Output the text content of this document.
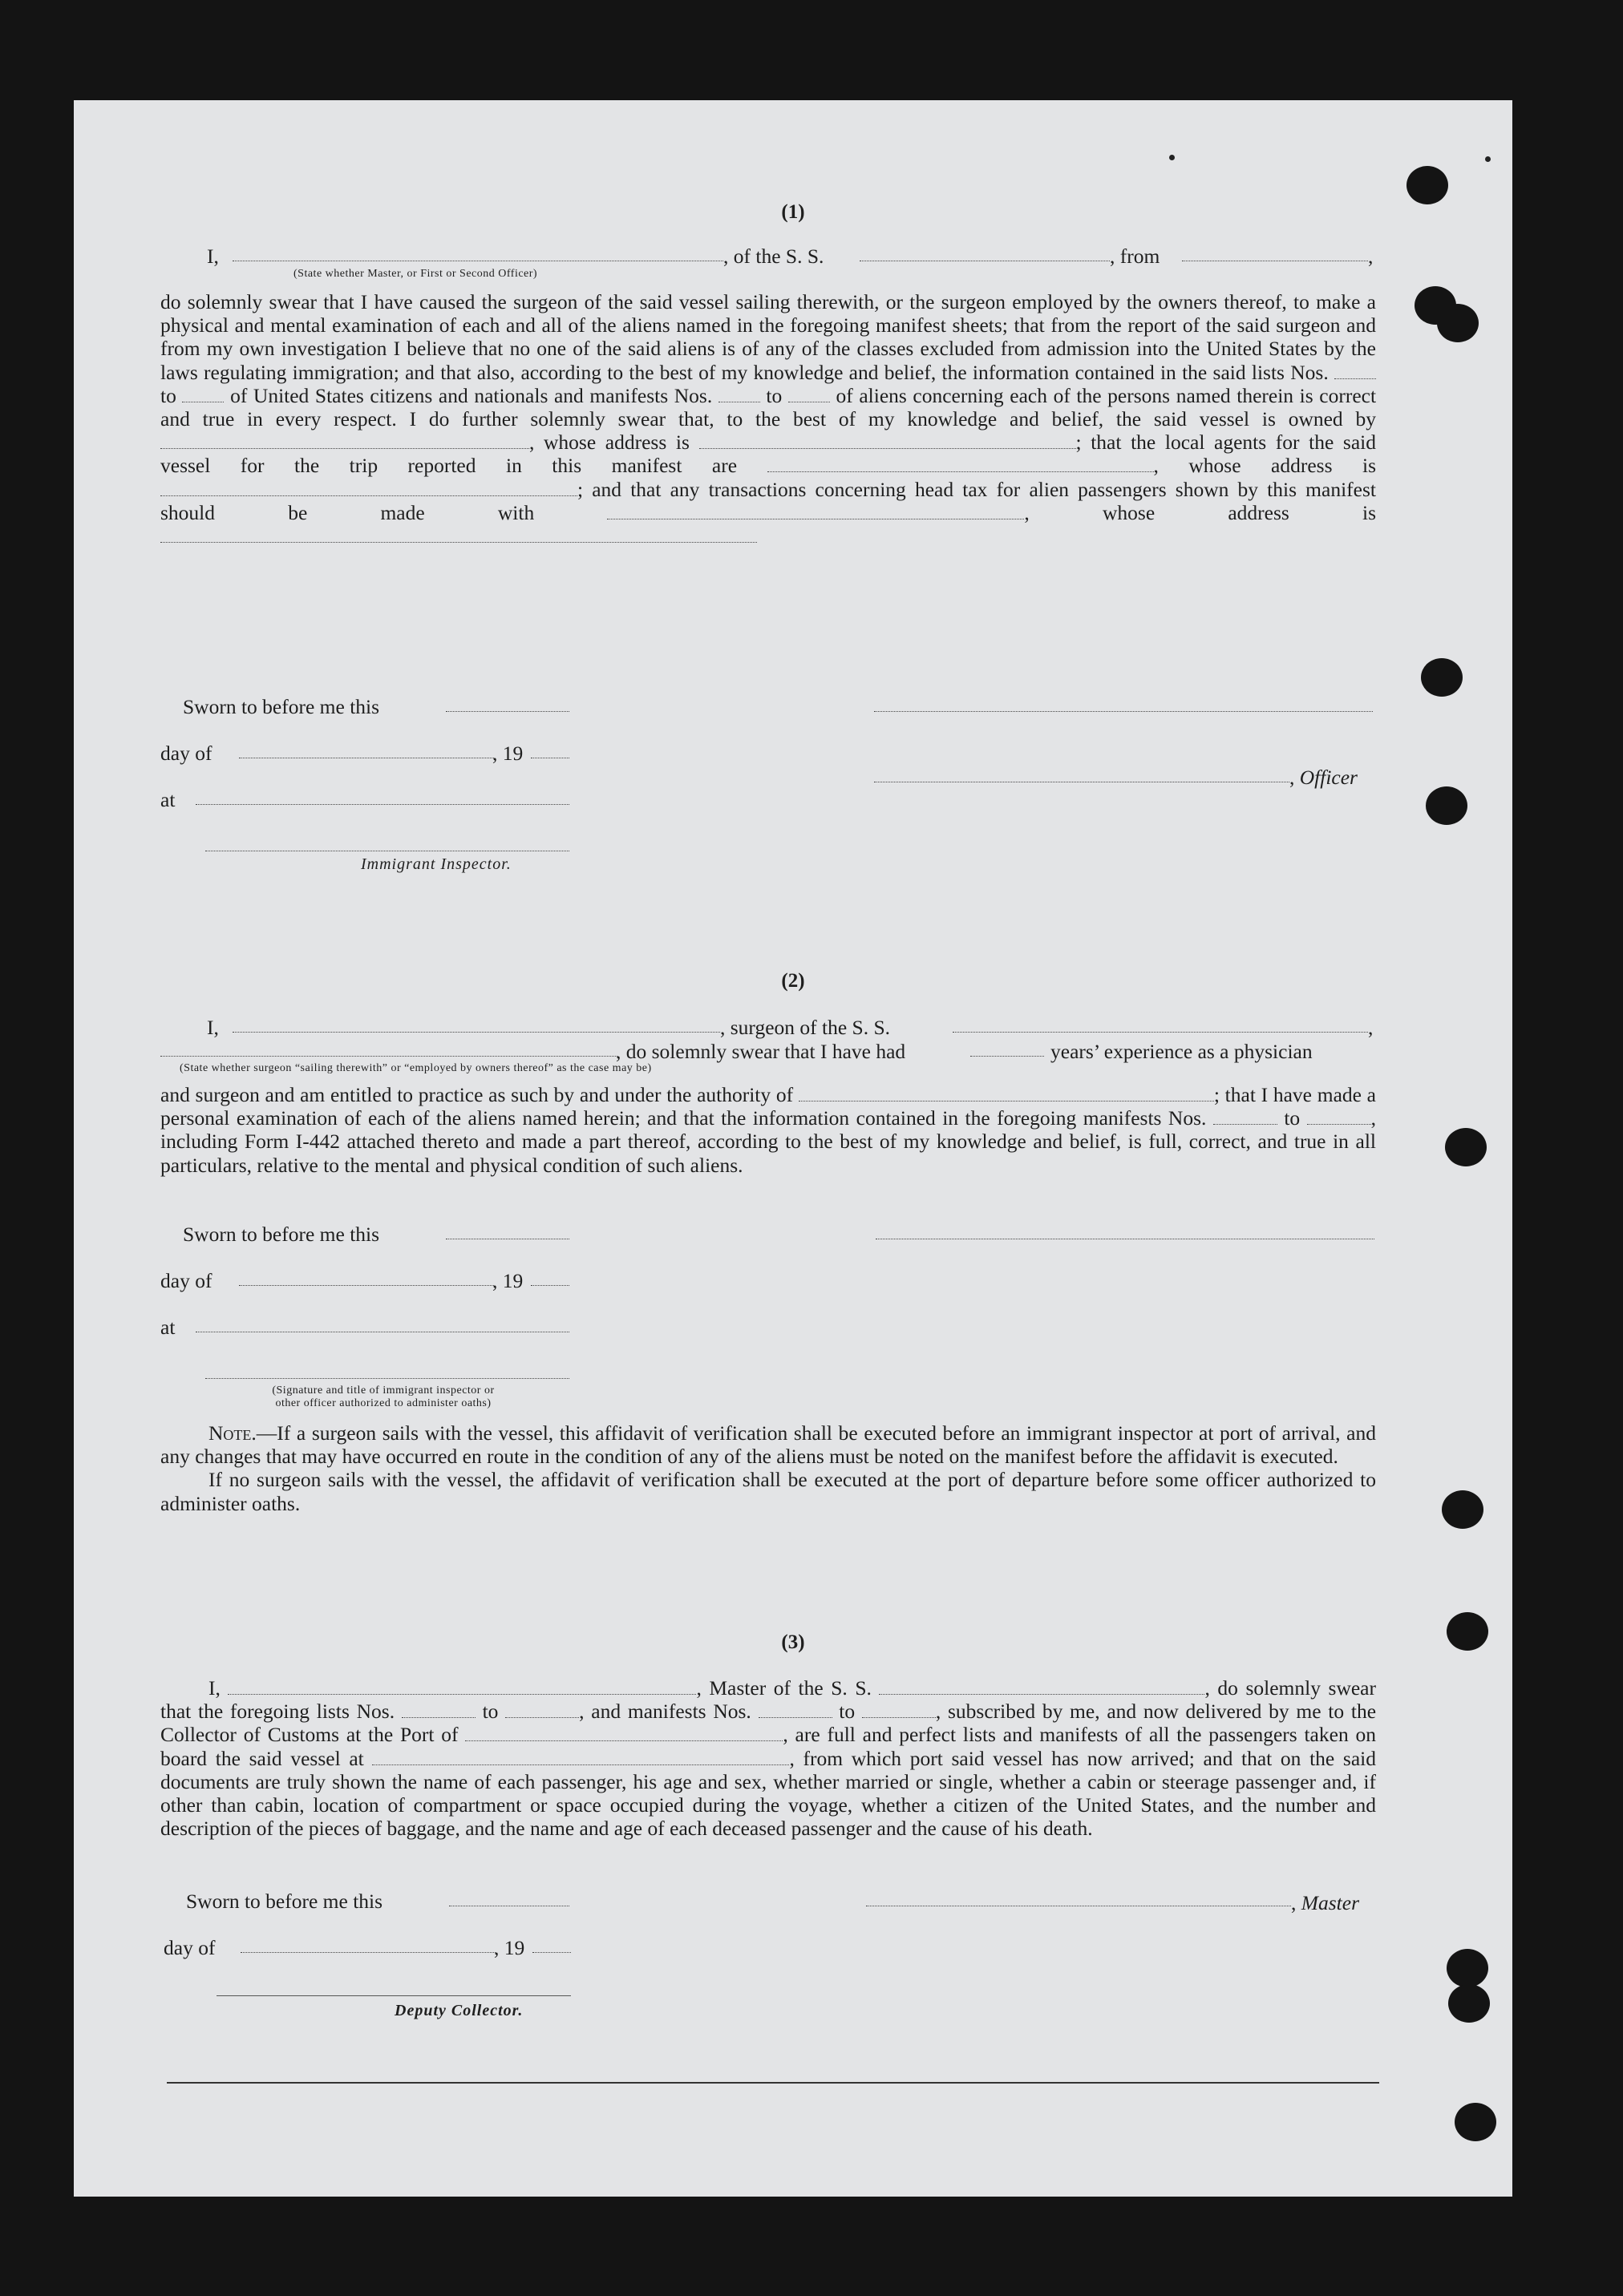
(1)
I,	, of the S. S.	, from	,
(State whether Master, or First or Second Officer)
do solemnly swear that I have caused the surgeon of the said vessel sailing therewith, or the surgeon employed by the owners thereof, to make a physical and mental examination of each and all of the aliens named in the foregoing manifest sheets; that from the report of the said surgeon and from my own investigation I believe that no one of the said aliens is of any of the classes excluded from admission into the United States by the laws regulating immigration; and that also, according to the best of my knowledge and belief, the information contained in the said lists Nos.  to	of United States citizens and nationals and manifests Nos.	to	of aliens concerning each of the persons named therein is correct and true in every respect. I do further solemnly swear that, to the best of my knowledge and belief, the said vessel is owned by , whose address is	; that the local agents for the said vessel for the trip reported in this manifest are	, whose address is ; and that any transactions concerning head tax for alien passengers shown by this manifest should be made with	, whose address is
Sworn to before me this
day of	, 19
, Officer
at
Immigrant Inspector.
(2)
I,	, surgeon of the S. S.	,
, do solemnly swear that I have had	years’ experience as a physician
(State whether surgeon “sailing therewith” or “employed by owners thereof” as the case may be)
and surgeon and am entitled to practice as such by and under the authority of	; that I have made a personal examination of each of the aliens named herein; and that the information contained in the foregoing manifests Nos.	to	, including Form I-442 attached thereto and made a part thereof, according to the best of my knowledge and belief, is full, correct, and true in all particulars, relative to the mental and physical condition of such aliens.
Sworn to before me this
day of	, 19
at
(Signature and title of immigrant inspector or
other officer authorized to administer oaths)

Note.—If a surgeon sails with the vessel, this affidavit of verification shall be executed before an immigrant inspector at port of arrival, and any changes that may have occurred en route in the condition of any of the aliens must be noted on the manifest before the affidavit is executed.

If no surgeon sails with the vessel, the affidavit of verification shall be executed at the port of departure before some officer authorized to administer oaths.

(3)

I,	, Master of the S. S.	, do solemnly swear that the foregoing lists Nos.	to	, and manifests Nos.	to	, subscribed by me, and now delivered by me to the Collector of Customs at the Port of	, are full and perfect lists and manifests of all the passengers taken on board the said vessel at	, from which port said vessel has now arrived; and that on the said documents are truly shown the name of each passenger, his age and sex, whether married or single, whether a cabin or steerage passenger and, if other than cabin, location of compartment or space occupied during the voyage, whether a citizen of the United States, and the number and description of the pieces of baggage, and the name and age of each deceased passenger and the cause of his death.

Sworn to before me this	, Master
day of	, 19
Deputy Collector.
